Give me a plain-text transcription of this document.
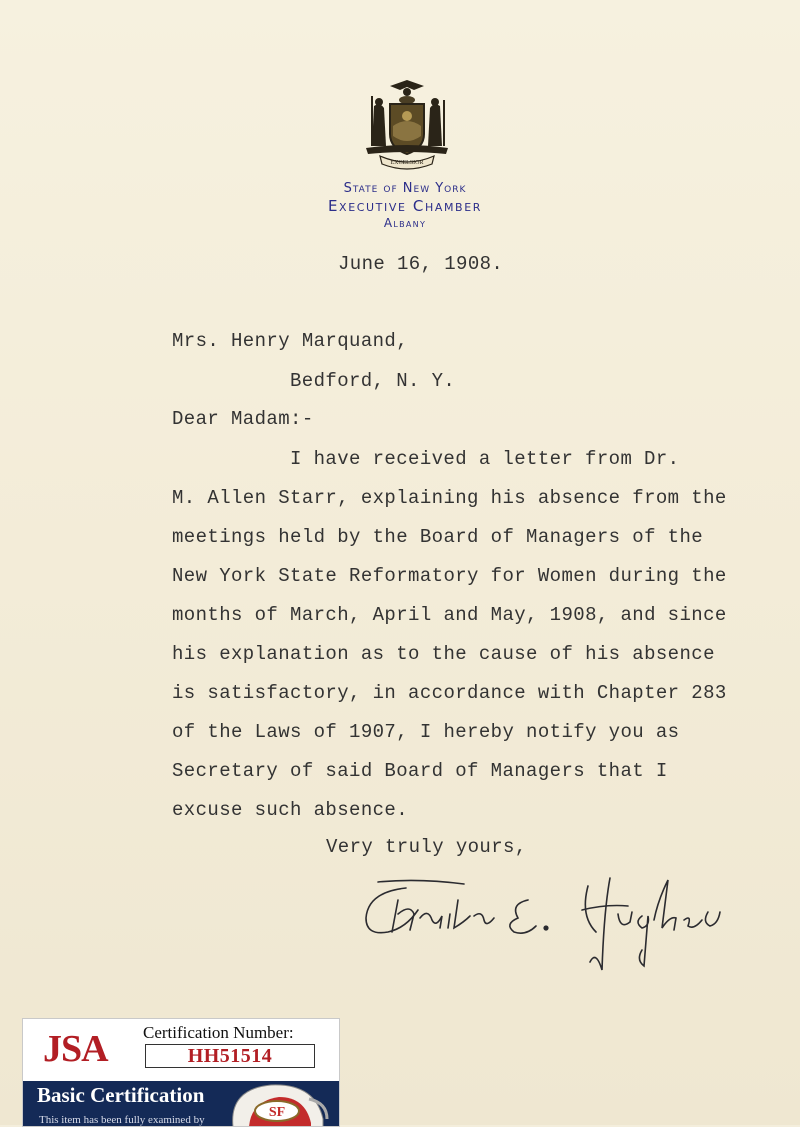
EXCELSIOR
State of New York
Executive Chamber
Albany
June 16, 1908.
Mrs. Henry Marquand,
Bedford, N. Y.
Dear Madam:-
I have received a letter from Dr.
M. Allen Starr, explaining his absence from the
meetings held by the Board of Managers of the
New York State Reformatory for Women during the
months of March, April and May, 1908, and since
his explanation as to the cause of his absence
is satisfactory, in accordance with Chapter 283
of the Laws of 1907, I hereby notify you as
Secretary of said Board of Managers that I
excuse such absence.
Very truly yours,
JSA Certification Number:
HH51514
Basic Certification
This item has been fully examined by	SF
